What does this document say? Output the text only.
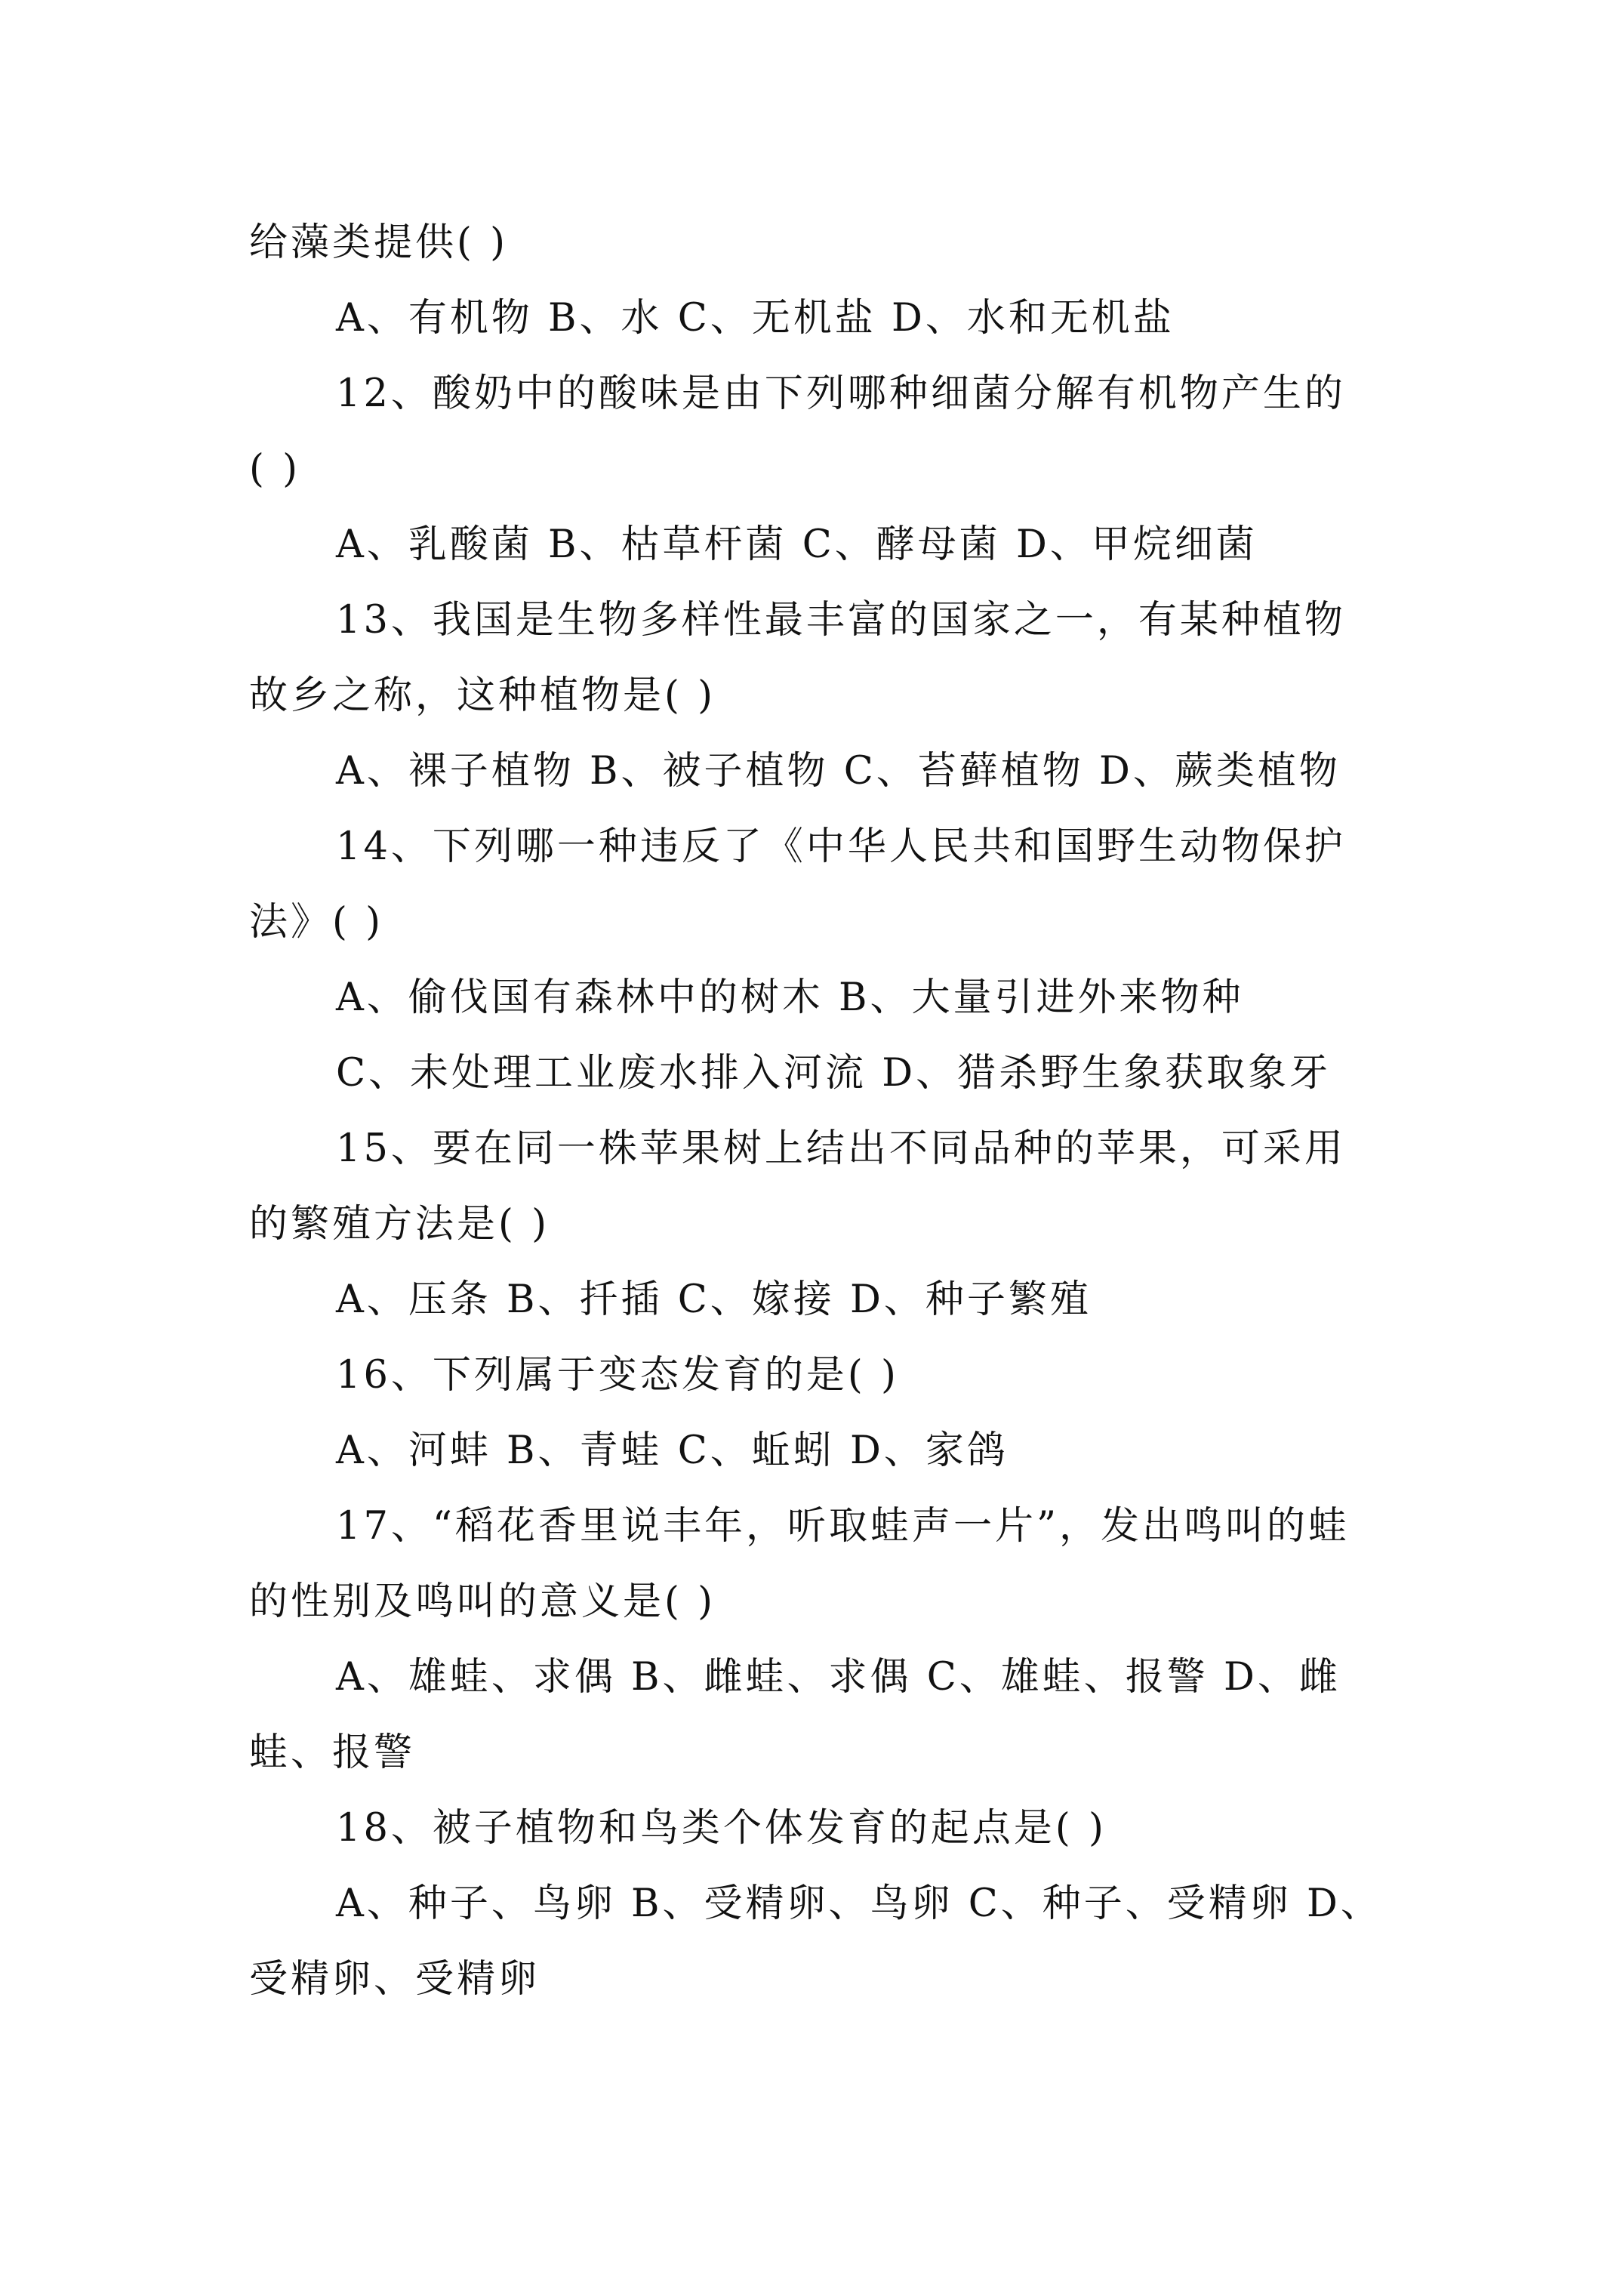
给藻类提供( )
A、有机物 B、水 C、无机盐 D、水和无机盐
12、酸奶中的酸味是由下列哪种细菌分解有机物产生的
( )
A、乳酸菌 B、枯草杆菌 C、酵母菌 D、甲烷细菌
13、我国是生物多样性最丰富的国家之一，有某种植物
故乡之称，这种植物是( )
A、裸子植物 B、被子植物 C、苔藓植物 D、蕨类植物
14、下列哪一种违反了《中华人民共和国野生动物保护
法》( )
A、偷伐国有森林中的树木 B、大量引进外来物种
C、未处理工业废水排入河流 D、猎杀野生象获取象牙
15、要在同一株苹果树上结出不同品种的苹果，可采用
的繁殖方法是( )
A、压条 B、扦插 C、嫁接 D、种子繁殖
16、下列属于变态发育的是( )
A、河蚌 B、青蛙 C、蚯蚓 D、家鸽
17、“稻花香里说丰年，听取蛙声一片”，发出鸣叫的蛙
的性别及鸣叫的意义是( )
A、雄蛙、求偶 B、雌蛙、求偶 C、雄蛙、报警 D、雌
蛙、报警
18、被子植物和鸟类个体发育的起点是( )
A、种子、鸟卵 B、受精卵、鸟卵 C、种子、受精卵 D、
受精卵、受精卵
